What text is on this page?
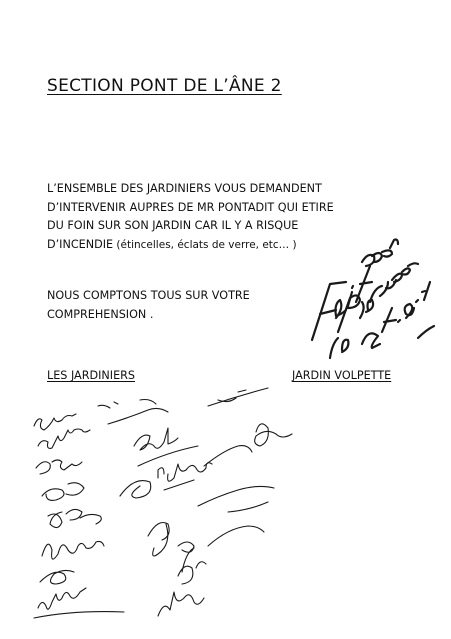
SECTION PONT DE L’ÂNE 2
L’ENSEMBLE DES JARDINIERS VOUS DEMANDENT
D’INTERVENIR AUPRES DE MR PONTADIT QUI ETIRE
DU FOIN SUR SON JARDIN CAR IL Y A RISQUE
D’INCENDIE (étincelles, éclats de verre, etc… )
NOUS COMPTONS TOUS SUR VOTRE
COMPREHENSION .
LES JARDINIERS	JARDIN VOLPETTE
